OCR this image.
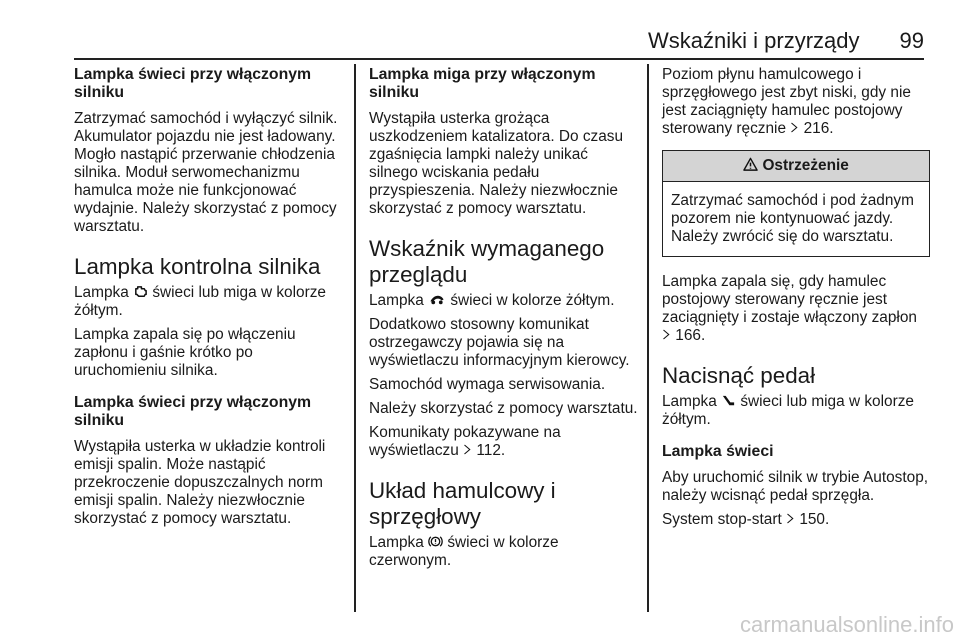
Wskaźniki i przyrządy 99
Lampka świeci przy włączonym silniku

Zatrzymać samochód i wyłączyć silnik. Akumulator pojazdu nie jest ładowany. Mogło nastąpić przerwanie chłodzenia silnika. Moduł serwomechanizmu hamulca może nie funkcjonować wydajnie. Należy skorzystać z pomocy warsztatu.

Lampka kontrolna silnika

Lampka świeci lub miga w kolorze żółtym.

Lampka zapala się po włączeniu zapłonu i gaśnie krótko po uruchomieniu silnika.

Lampka świeci przy włączonym silniku

Wystąpiła usterka w układzie kontroli emisji spalin. Może nastąpić przekroczenie dopuszczalnych norm emisji spalin. Należy niezwłocznie skorzystać z pomocy warsztatu.

Lampka miga przy włączonym silniku

Wystąpiła usterka grożąca uszkodzeniem katalizatora. Do czasu zgaśnięcia lampki należy unikać silnego wciskania pedału przyspieszenia. Należy niezwłocznie skorzystać z pomocy warsztatu.

Wskaźnik wymaganego przeglądu

Lampka świeci w kolorze żółtym.

Dodatkowo stosowny komunikat ostrzegawczy pojawia się na wyświetlaczu informacyjnym kierowcy.

Samochód wymaga serwisowania.

Należy skorzystać z pomocy warsztatu.

Komunikaty pokazywane na wyświetlaczu 112.

Układ hamulcowy i sprzęgłowy

Lampka świeci w kolorze czerwonym.

Poziom płynu hamulcowego i sprzęgłowego jest zbyt niski, gdy nie jest zaciągnięty hamulec postojowy sterowany ręcznie 216.

Ostrzeżenie
Zatrzymać samochód i pod żadnym pozorem nie kontynuować jazdy. Należy zwrócić się do warsztatu.

Lampka zapala się, gdy hamulec postojowy sterowany ręcznie jest zaciągnięty i zostaje włączony zapłon  166.

Nacisnąć pedał

Lampka świeci lub miga w kolorze żółtym.

Lampka świeci

Aby uruchomić silnik w trybie Autostop, należy wcisnąć pedał sprzęgła.

System stop-start 150.

carmanualsonline.info
